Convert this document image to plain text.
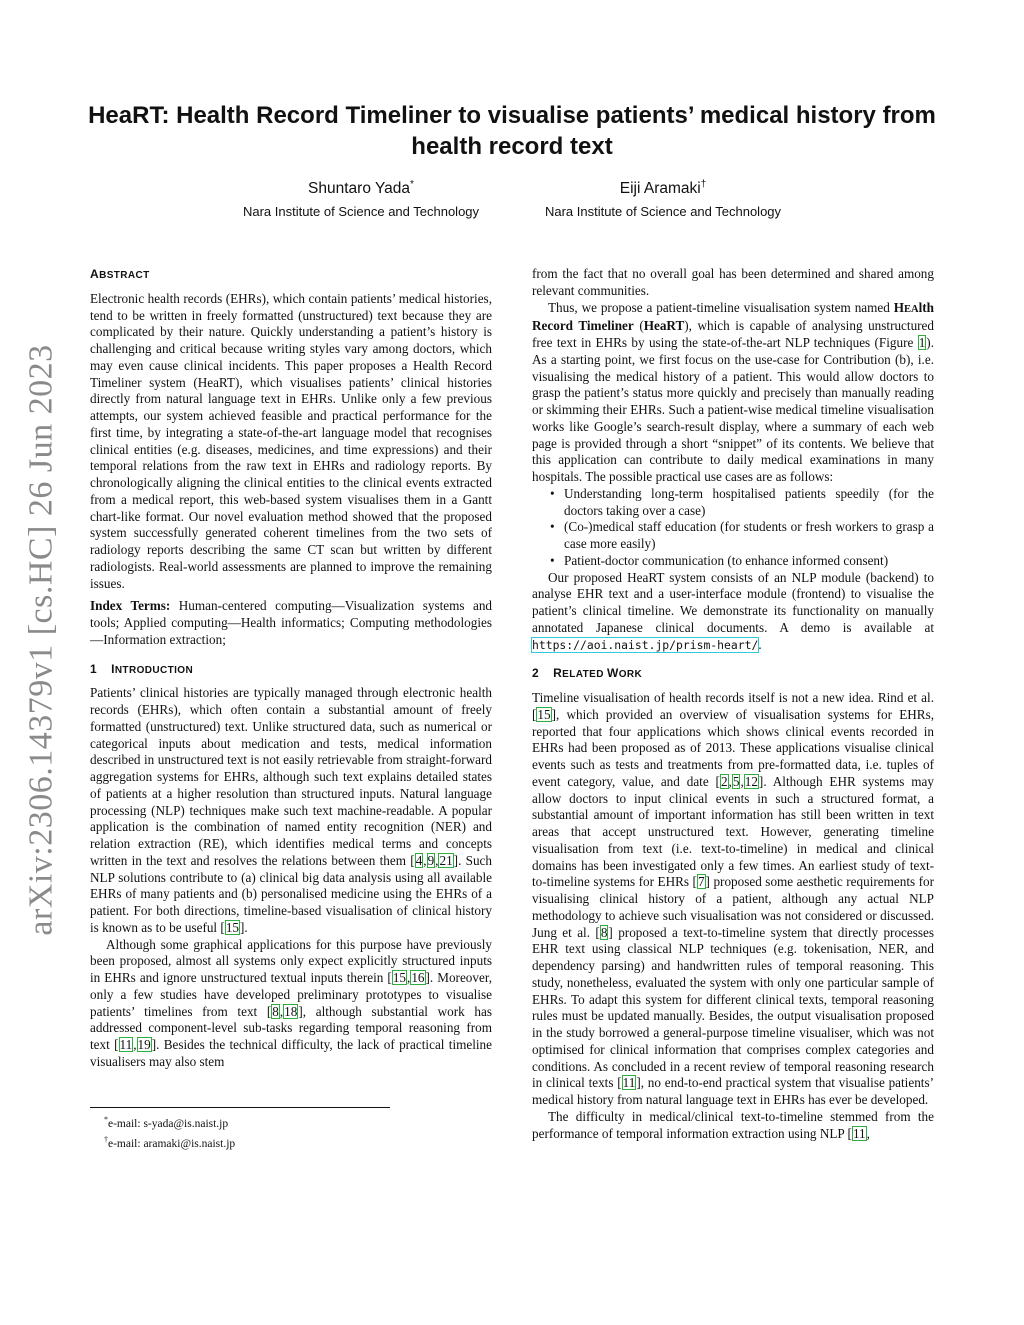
arXiv:2306.14379v1 [cs.HC] 26 Jun 2023
HeaRT: Health Record Timeliner to visualise patients’ medical history from health record text
Shuntaro Yada*
Nara Institute of Science and Technology
Eiji Aramaki†
Nara Institute of Science and Technology
ABSTRACT

Electronic health records (EHRs), which contain patients’ medical histories, tend to be written in freely formatted (unstructured) text because they are complicated by their nature. Quickly understanding a patient’s history is challenging and critical because writing styles vary among doctors, which may even cause clinical incidents. This paper proposes a Health Record Timeliner system (HeaRT), which visualises patients’ clinical histories directly from natural language text in EHRs. Unlike only a few previous attempts, our system achieved feasible and practical performance for the first time, by integrating a state-of-the-art language model that recognises clinical entities (e.g. diseases, medicines, and time expressions) and their temporal relations from the raw text in EHRs and radiology reports. By chronologically aligning the clinical entities to the clinical events extracted from a medical report, this web-based system visualises them in a Gantt chart-like format. Our novel evaluation method showed that the proposed system successfully generated coherent timelines from the two sets of radiology reports describing the same CT scan but written by different radiologists. Real-world assessments are planned to improve the remaining issues.

Index Terms: Human-centered computing—Visualization systems and tools; Applied computing—Health informatics; Computing methodologies—Information extraction;

1 INTRODUCTION

Patients’ clinical histories are typically managed through electronic health records (EHRs), which often contain a substantial amount of freely formatted (unstructured) text. Unlike structured data, such as numerical or categorical inputs about medication and tests, medical information described in unstructured text is not easily retrievable from straight-forward aggregation systems for EHRs, although such text explains detailed states of patients at a higher resolution than structured inputs. Natural language processing (NLP) techniques make such text machine-readable. A popular application is the combination of named entity recognition (NER) and relation extraction (RE), which identifies medical terms and concepts written in the text and resolves the relations between them [4,9,21]. Such NLP solutions contribute to (a) clinical big data analysis using all available EHRs of many patients and (b) personalised medicine using the EHRs of a patient. For both directions, timeline-based visualisation of clinical history is known as to be useful [15].

Although some graphical applications for this purpose have previously been proposed, almost all systems only expect explicitly structured inputs in EHRs and ignore unstructured textual inputs therein [15,16]. Moreover, only a few studies have developed preliminary prototypes to visualise patients’ timelines from text [8,18], although substantial work has addressed component-level sub-tasks regarding temporal reasoning from text [11,19]. Besides the technical difficulty, the lack of practical timeline visualisers may also stem

*e-mail: s-yada@is.naist.jp
†e-mail: aramaki@is.naist.jp

from the fact that no overall goal has been determined and shared among relevant communities.

Thus, we propose a patient-timeline visualisation system named HEAlth Record Timeliner (HeaRT), which is capable of analysing unstructured free text in EHRs by using the state-of-the-art NLP techniques (Figure 1). As a starting point, we first focus on the use-case for Contribution (b), i.e. visualising the medical history of a patient. This would allow doctors to grasp the patient’s status more quickly and precisely than manually reading or skimming their EHRs. Such a patient-wise medical timeline visualisation works like Google’s search-result display, where a summary of each web page is provided through a short “snippet” of its contents. We believe that this application can contribute to daily medical examinations in many hospitals. The possible practical use cases are as follows:

• Understanding long-term hospitalised patients speedily (for the doctors taking over a case)
• (Co-)medical staff education (for students or fresh workers to grasp a case more easily)
• Patient-doctor communication (to enhance informed consent)

Our proposed HeaRT system consists of an NLP module (backend) to analyse EHR text and a user-interface module (frontend) to visualise the patient’s clinical timeline. We demonstrate its functionality on manually annotated Japanese clinical documents. A demo is available at https://aoi.naist.jp/prism-heart/.

2 RELATED WORK

Timeline visualisation of health records itself is not a new idea. Rind et al. [15], which provided an overview of visualisation systems for EHRs, reported that four applications which shows clinical events recorded in EHRs had been proposed as of 2013. These applications visualise clinical events such as tests and treatments from pre-formatted data, i.e. tuples of event category, value, and date [2,5,12]. Although EHR systems may allow doctors to input clinical events in such a structured format, a substantial amount of important information has still been written in text areas that accept unstructured text. However, generating timeline visualisation from text (i.e. text-to-timeline) in medical and clinical domains has been investigated only a few times. An earliest study of text-to-timeline systems for EHRs [7] proposed some aesthetic requirements for visualising clinical history of a patient, although any actual NLP methodology to achieve such visualisation was not considered or discussed. Jung et al. [8] proposed a text-to-timeline system that directly processes EHR text using classical NLP techniques (e.g. tokenisation, NER, and dependency parsing) and handwritten rules of temporal reasoning. This study, nonetheless, evaluated the system with only one particular sample of EHRs. To adapt this system for different clinical texts, temporal reasoning rules must be updated manually. Besides, the output visualisation proposed in the study borrowed a general-purpose timeline visualiser, which was not optimised for clinical information that comprises complex categories and conditions. As concluded in a recent review of temporal reasoning research in clinical texts [11], no end-to-end practical system that visualise patients’ medical history from natural language text in EHRs has ever be developed.

The difficulty in medical/clinical text-to-timeline stemmed from the performance of temporal information extraction using NLP [11,
